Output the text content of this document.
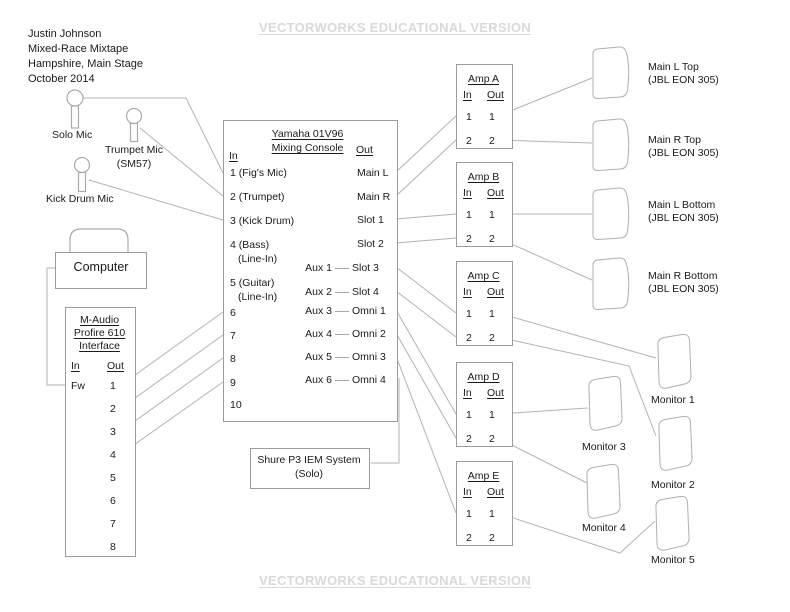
VECTORWORKS EDUCATIONAL VERSION
VECTORWORKS EDUCATIONAL VERSION
Justin Johnson
Mixed-Race Mixtape
Hampshire, Main Stage
October 2014
Solo Mic
Trumpet Mic
(SM57)
Kick Drum Mic
Computer
M-Audio
Profire 610
Interface
In	Out
Fw 1
2
3
4
5
6
7
8
Yamaha 01V96
Mixing Console
In	Out
1 (Fig's Mic)
2 (Trumpet)
3 (Kick Drum)
4 (Bass)
(Line-In)
5 (Guitar)
(Line-In)
6
7
8
9
10
Main L
Main R
Slot 1
Slot 2
Aux 1 Slot 3
Aux 2 Slot 4
Aux 3 Omni 1
Aux 4 Omni 2
Aux 5 Omni 3
Aux 6 Omni 4
Shure P3 IEM System
(Solo)
Amp A
In Out
1 1
2 2
Amp B
In Out
1 1
2 2
Amp C
In Out
1 1
2 2
Amp D
In Out
1 1
2 2
Amp E
In Out
1 1
2 2
Main L Top
(JBL EON 305)
Main R Top
(JBL EON 305)
Main L Bottom
(JBL EON 305)
Main R Bottom
(JBL EON 305)
Monitor 1
Monitor 2
Monitor 3
Monitor 4
Monitor 5
